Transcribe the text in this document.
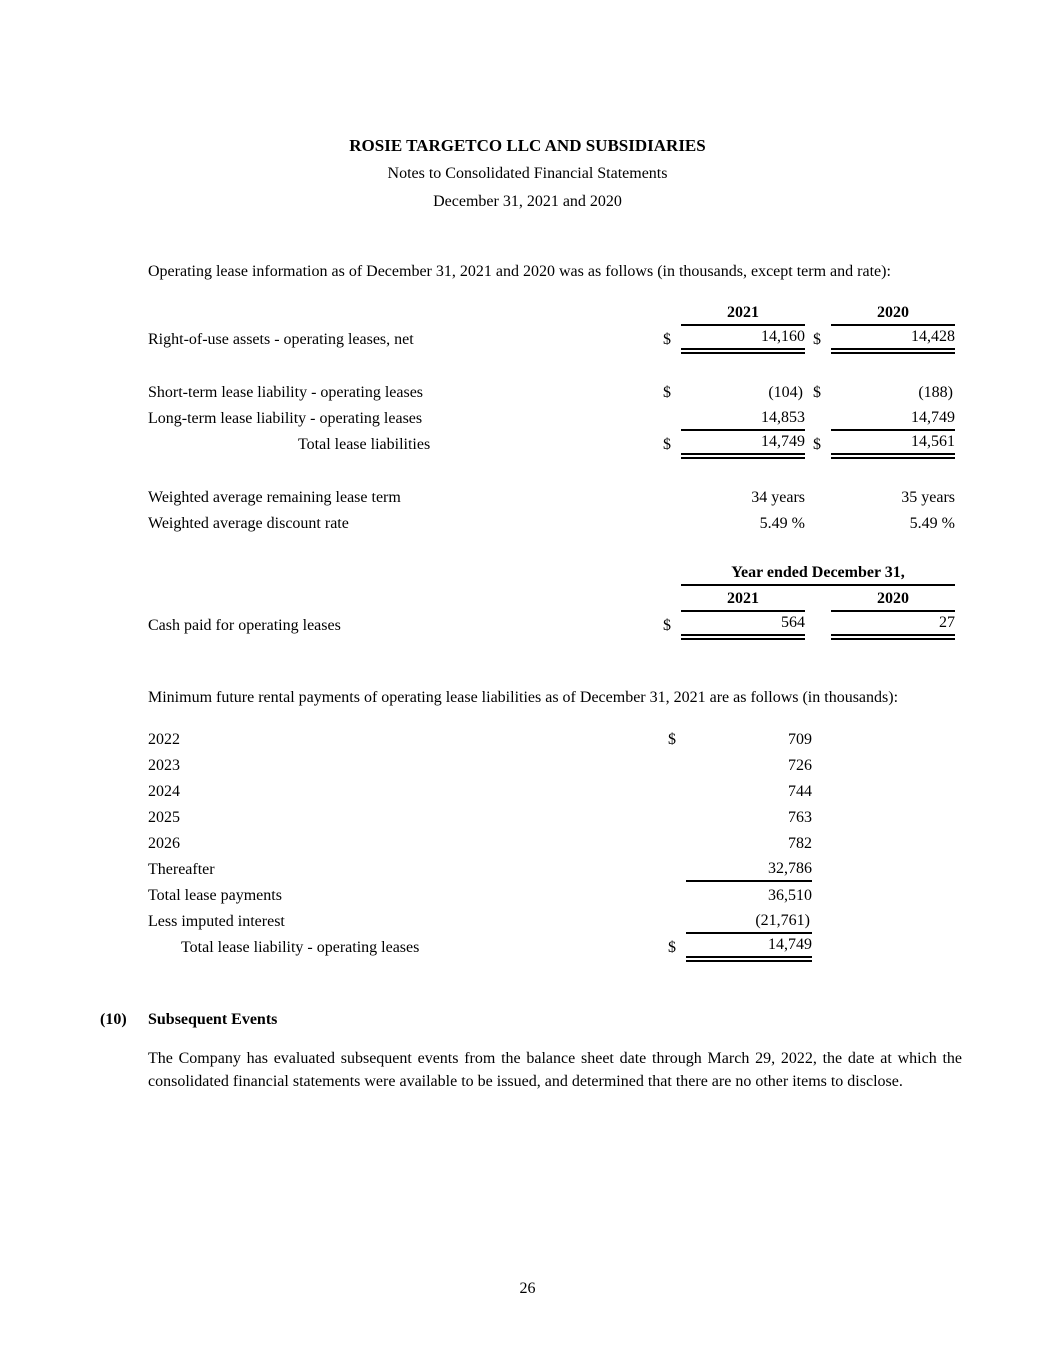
ROSIE TARGETCO LLC AND SUBSIDIARIES
Notes to Consolidated Financial Statements
December 31, 2021 and 2020

Operating lease information as of December 31, 2021 and 2020 was as follows (in thousands, except term and rate):

		2021			2020
Right-of-use assets - operating leases, net	$	14,160		$	14,428

Short-term lease liability - operating leases	$	(104)		$	(188)
Long-term lease liability - operating leases		14,853			14,749
Total lease liabilities	$	14,749		$	14,561

Weighted average remaining lease term		34 years			35 years
Weighted average discount rate		5.49 %			5.49 %

		Year ended December 31,			
		2021			2020
Cash paid for operating leases	$	564			27

Minimum future rental payments of operating lease liabilities as of December 31, 2021 are as follows (in thousands):

2022	$	709
2023		726
2024		744
2025		763
2026		782
Thereafter		32,786
Total lease payments		36,510
Less imputed interest		(21,761)
Total lease liability - operating leases	$	14,749
(10)	Subsequent Events

The Company has evaluated subsequent events from the balance sheet date through March 29, 2022, the date at which the consolidated financial statements were available to be issued, and determined that there are no other items to disclose.

26
